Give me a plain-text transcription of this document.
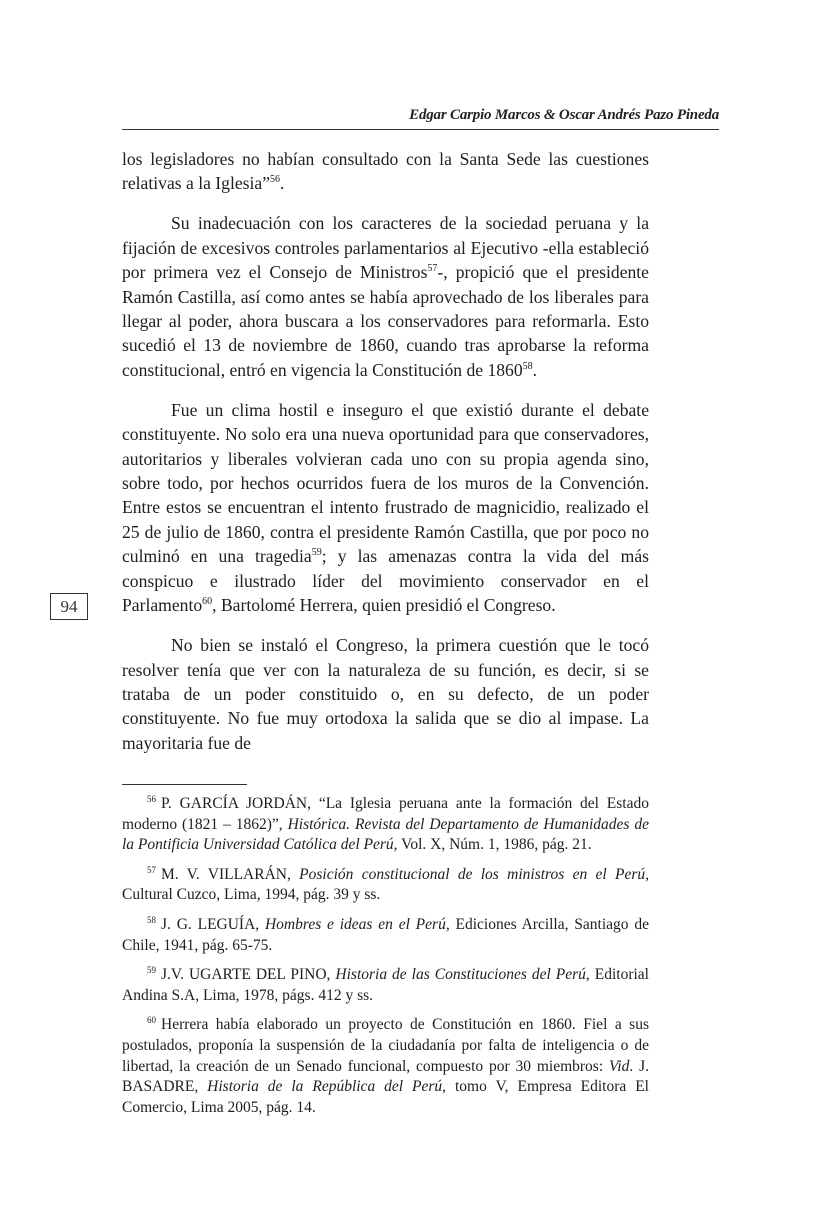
Edgar Carpio Marcos & Oscar Andrés Pazo Pineda
94

los legisladores no habían consultado con la Santa Sede las cuestiones relativas a la Iglesia”$^{56}$.

Su inadecuación con los caracteres de la sociedad peruana y la fijación de excesivos controles parlamentarios al Ejecutivo -ella estableció por primera vez el Consejo de Ministros$^{57}$-, propició que el presidente Ramón Castilla, así como antes se había aprovechado de los liberales para llegar al poder, ahora buscara a los conservadores para reformarla. Esto sucedió el 13 de noviembre de 1860, cuando tras aprobarse la reforma constitucional, entró en vigencia la Constitución de 1860$^{58}$.

Fue un clima hostil e inseguro el que existió durante el debate constituyente. No solo era una nueva oportunidad para que conservadores, autoritarios y liberales volvieran cada uno con su propia agenda sino, sobre todo, por hechos ocurridos fuera de los muros de la Convención. Entre estos se encuentran el intento frustrado de magnicidio, realizado el 25 de julio de 1860, contra el presidente Ramón Castilla, que por poco no culminó en una tragedia$^{59}$; y las amenazas contra la vida del más conspicuo e ilustrado líder del movimiento conservador en el Parlamento$^{60}$, Bartolomé Herrera, quien presidió el Congreso.

No bien se instaló el Congreso, la primera cuestión que le tocó resolver tenía que ver con la naturaleza de su función, es decir, si se trataba de un poder constituido o, en su defecto, de un poder constituyente. No fue muy ortodoxa la salida que se dio al impase. La mayoritaria fue de

$^{56}$ P. GARCÍA JORDÁN, “La Iglesia peruana ante la formación del Estado moderno (1821 – 1862)”, Histórica. Revista del Departamento de Humanidades de la Pontificia Universidad Católica del Perú, Vol. X, Núm. 1, 1986, pág. 21.

$^{57}$ M. V. VILLARÁN, Posición constitucional de los ministros en el Perú, Cultural Cuzco, Lima, 1994, pág. 39 y ss.

$^{58}$ J. G. LEGUÍA, Hombres e ideas en el Perú, Ediciones Arcilla, Santiago de Chile, 1941, pág. 65-75.

$^{59}$ J.V. UGARTE DEL PINO, Historia de las Constituciones del Perú, Editorial Andina S.A, Lima, 1978, págs. 412 y ss.

$^{60}$ Herrera había elaborado un proyecto de Constitución en 1860. Fiel a sus postulados, proponía la suspensión de la ciudadanía por falta de inteligencia o de libertad, la creación de un Senado funcional, compuesto por 30 miembros: Vid. J. BASADRE, Historia de la República del Perú, tomo V, Empresa Editora El Comercio, Lima 2005, pág. 14.
